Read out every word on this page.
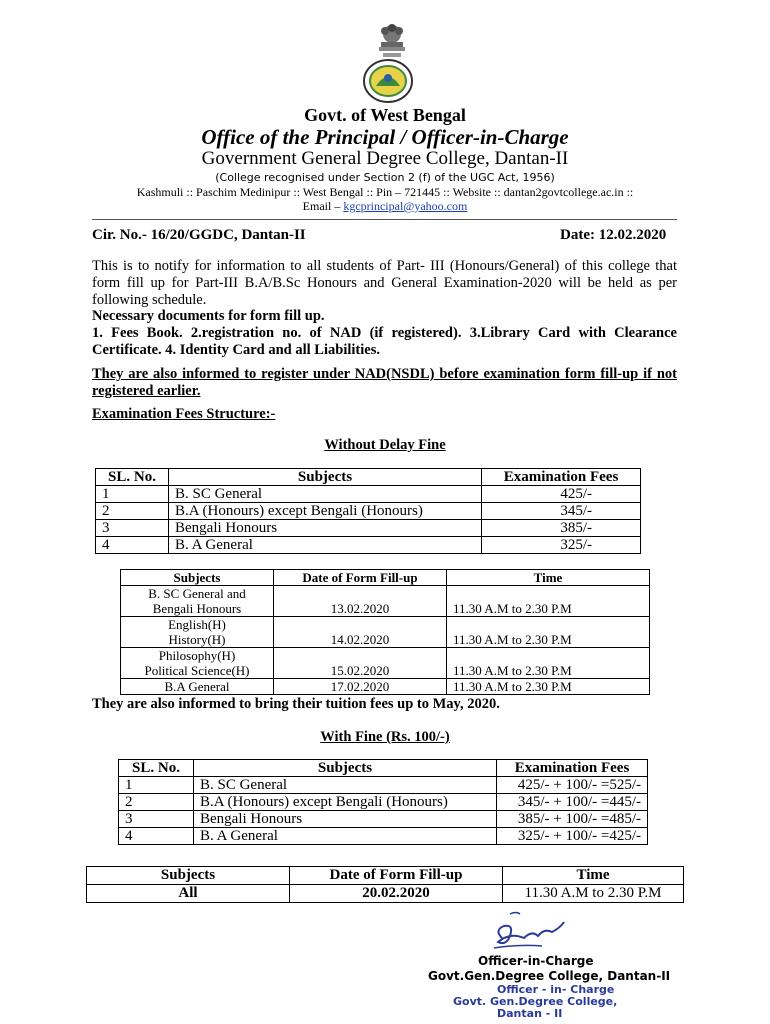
Govt. of West Bengal
Office of the Principal / Officer-in-Charge
Government General Degree College, Dantan-II
(College recognised under Section 2 (f) of the UGC Act, 1956)
Kashmuli :: Paschim Medinipur :: West Bengal :: Pin – 721445 :: Website :: dantan2govtcollege.ac.in ::
Email – kgcprincipal@yahoo.com
Cir. No.- 16/20/GGDC, Dantan-II	Date: 12.02.2020
This is to notify for information to all students of Part- III (Honours/General) of this college that form fill up for Part-III B.A/B.Sc Honours and General Examination-2020 will be held as per following schedule.
Necessary documents for form fill up.
1. Fees Book. 2.registration no. of NAD (if registered). 3.Library Card with Clearance Certificate. 4. Identity Card and all Liabilities.
They are also informed to register under NAD(NSDL) before examination form fill-up if not registered earlier.
Examination Fees Structure:-
Without Delay Fine
SL. No.	Subjects	Examination Fees
1	B. SC General	425/-
2	B.A (Honours) except Bengali (Honours)	345/-
3	Bengali Honours	385/-
4	B. A General	325/-
Subjects	Date of Form Fill-up	Time

B. SC General and
Bengali Honours	13.02.2020	11.30 A.M to 2.30 P.M

English(H)
History(H)	14.02.2020	11.30 A.M to 2.30 P.M

Philosophy(H)
Political Science(H)	15.02.2020	11.30 A.M to 2.30 P.M
B.A General	17.02.2020	11.30 A.M to 2.30 P.M
They are also informed to bring their tuition fees up to May, 2020.
With Fine (Rs. 100/-)
SL. No.	Subjects	Examination Fees
1	B. SC General	425/- + 100/- =525/-
2	B.A (Honours) except Bengali (Honours)	345/- + 100/- =445/-
3	Bengali Honours	385/- + 100/- =485/-
4	B. A General	325/- + 100/- =425/-
Subjects	Date of Form Fill-up	Time
All	20.02.2020	11.30 A.M to 2.30 P.M
Officer-in-Charge
Govt.Gen.Degree College, Dantan-II
Officer - in- Charge
Govt. Gen.Degree College,
Dantan - II
